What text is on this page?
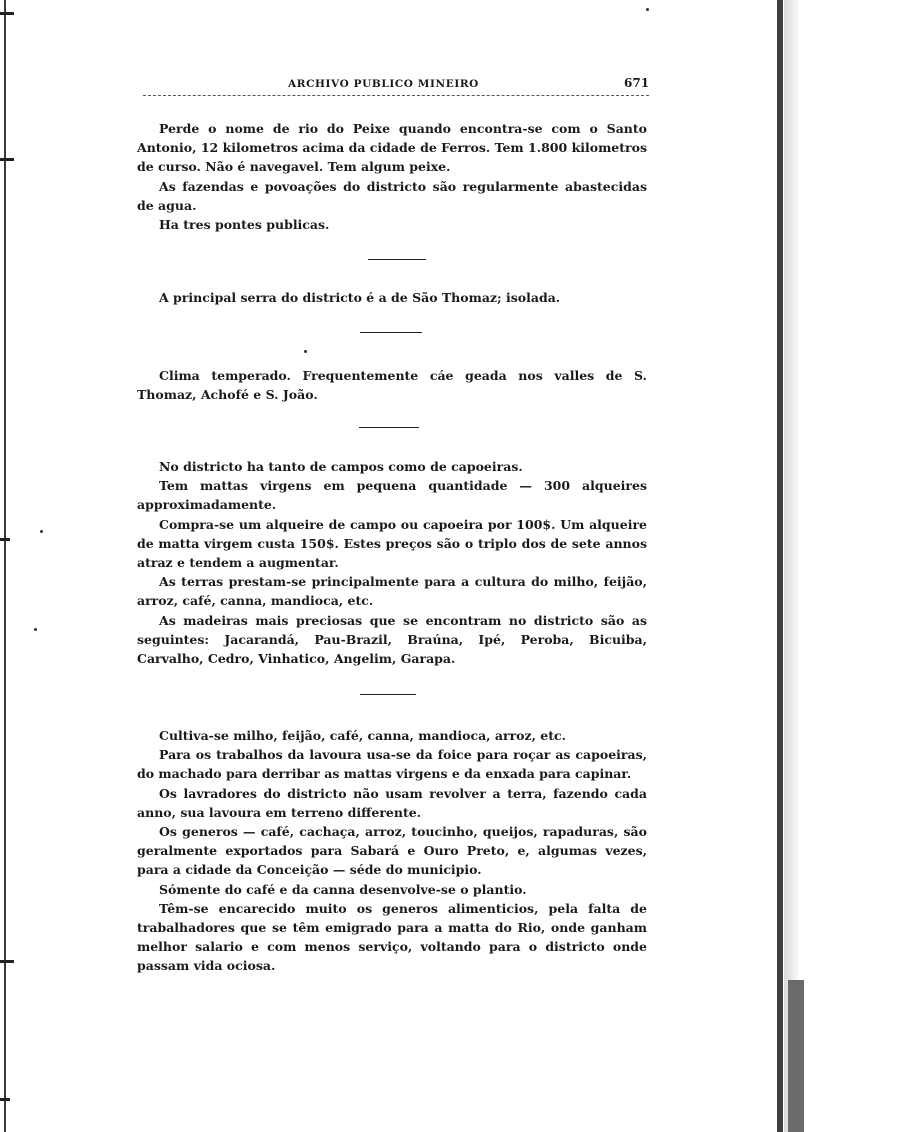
ARCHIVO PUBLICO MINEIRO	671

Perde o nome de rio do Peixe quando encontra-se com o Santo Antonio, 12 kilometros acima da cidade de Ferros. Tem 1.800 kilometros de curso. Não é navegavel. Tem algum peixe.

As fazendas e povoações do districto são regularmente abastecidas de agua.

Ha tres pontes publicas.

A principal serra do districto é a de São Thomaz; isolada.

Clima temperado. Frequentemente cáe geada nos valles de S. Thomaz, Achofé e S. João.

No districto ha tanto de campos como de capoeiras.

Tem mattas virgens em pequena quantidade — 300 alqueires approximadamente.

Compra-se um alqueire de campo ou capoeira por 100$. Um alqueire de matta virgem custa 150$. Estes preços são o triplo dos de sete annos atraz e tendem a augmentar.

As terras prestam-se principalmente para a cultura do milho, feijão, arroz, café, canna, mandioca, etc.

As madeiras mais preciosas que se encontram no districto são as seguintes: Jacarandá, Pau-Brazil, Braúna, Ipé, Peroba, Bicuiba, Carvalho, Cedro, Vinhatico, Angelim, Garapa.

Cultiva-se milho, feijão, café, canna, mandioca, arroz, etc.

Para os trabalhos da lavoura usa-se da foice para roçar as capoeiras, do machado para derribar as mattas virgens e da enxada para capinar.

Os lavradores do districto não usam revolver a terra, fazendo cada anno, sua lavoura em terreno differente.

Os generos — café, cachaça, arroz, toucinho, queijos, rapaduras, são geralmente exportados para Sabará e Ouro Preto, e, algumas vezes, para a cidade da Conceição — séde do municipio.

Sómente do café e da canna desenvolve-se o plantio.

Têm-se encarecido muito os generos alimenticios, pela falta de trabalhadores que se têm emigrado para a matta do Rio, onde ganham melhor salario e com menos serviço, voltando para o districto onde passam vida ociosa.
